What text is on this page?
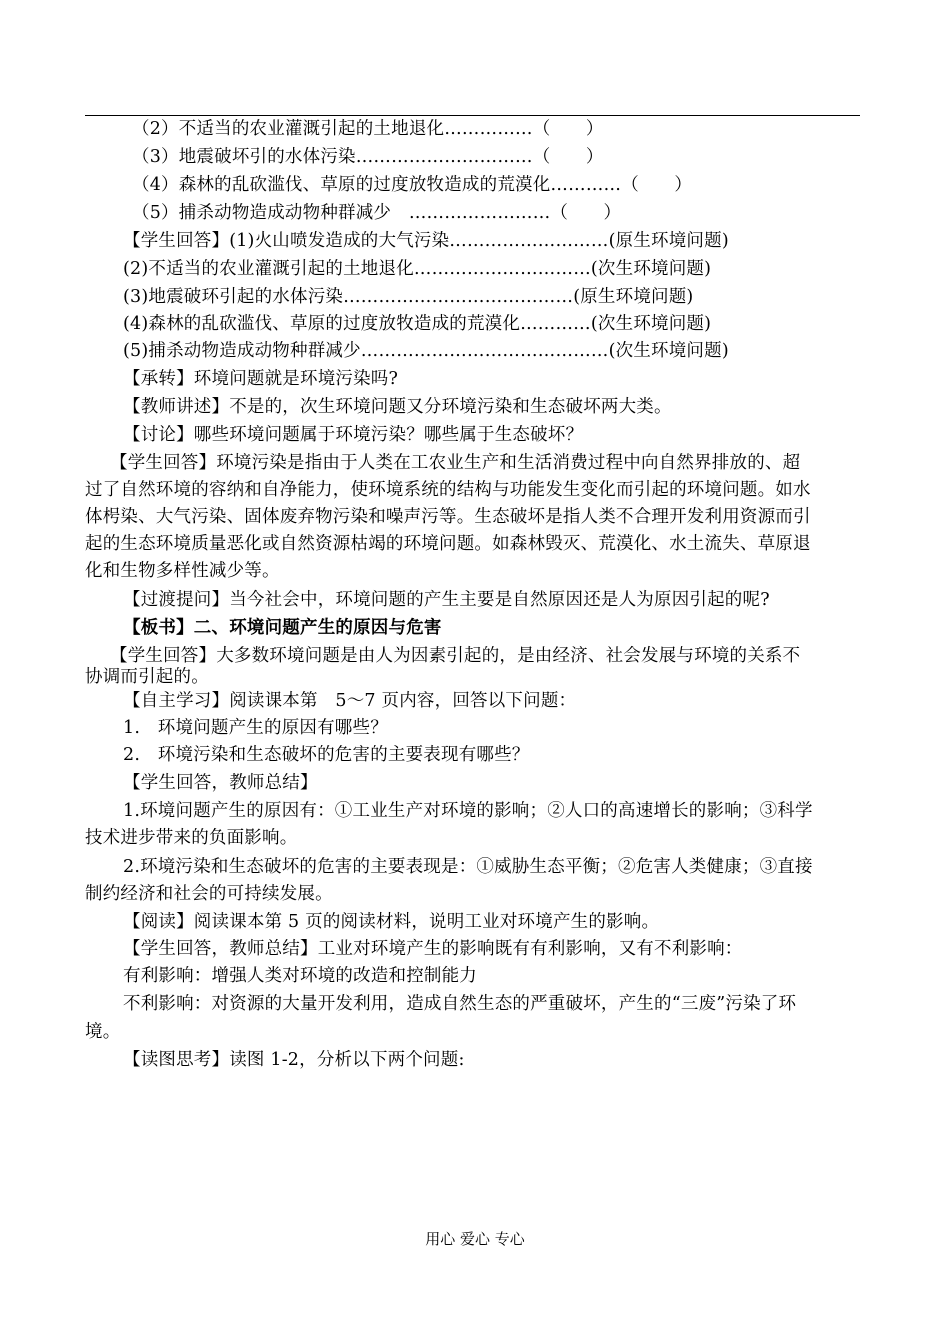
（2）不适当的农业灌溉引起的土地退化……………（　　）
（3）地震破坏引的水体污染…………………………（　　）
（4）森林的乱砍滥伐、草原的过度放牧造成的荒漠化…………（　　）
（5）捕杀动物造成动物种群减少　……………………（　　）
【学生回答】(1)火山喷发造成的大气污染………………………(原生环境问题)
(2)不适当的农业灌溉引起的土地退化…………………………(次生环境问题)
(3)地震破环引起的水体污染…………………………………(原生环境问题)
(4)森林的乱砍滥伐、草原的过度放牧造成的荒漠化…………(次生环境问题)
(5)捕杀动物造成动物种群减少……………………………………(次生环境问题)
【承转】环境问题就是环境污染吗?
【教师讲述】不是的，次生环境问题又分环境污染和生态破坏两大类。
【讨论】哪些环境问题属于环境污染？哪些属于生态破坏？
【学生回答】环境污染是指由于人类在工农业生产和生活消费过程中向自然界排放的、超
过了自然环境的容纳和自净能力，使环境系统的结构与功能发生变化而引起的环境问题。如水
体枵染、大气污染、固体废弃物污染和噪声污等。生态破坏是指人类不合理开发利用资源而引
起的生态环境质量恶化或自然资源枯竭的环境问题。如森林毁灭、荒漠化、水土流失、草原退
化和生物多样性减少等。
【过渡提问】当今社会中，环境问题的产生主要是自然原因还是人为原因引起的呢?
【板书】二、环境问题产生的原因与危害
【学生回答】大多数环境问题是由人为因素引起的，是由经济、社会发展与环境的关系不
协调而引起的。
【自主学习】阅读课本第　5～7 页内容，回答以下问题：
1.　环境问题产生的原因有哪些？
2.　环境污染和生态破坏的危害的主要表现有哪些？
【学生回答，教师总结】
1.环境问题产生的原因有：①工业生产对环境的影响；②人口的高速增长的影响；③科学
技术进步带来的负面影响。
2.环境污染和生态破坏的危害的主要表现是：①威胁生态平衡；②危害人类健康；③直接
制约经济和社会的可持续发展。
【阅读】阅读课本第 5 页的阅读材料，说明工业对环境产生的影响。
【学生回答，教师总结】工业对环境产生的影响既有有利影响，又有不利影响：
有利影响：增强人类对环境的改造和控制能力
不利影响：对资源的大量开发利用，造成自然生态的严重破坏，产生的“三废”污染了环
境。
【读图思考】读图 1-2，分析以下两个问题:
用心 爱心 专心
